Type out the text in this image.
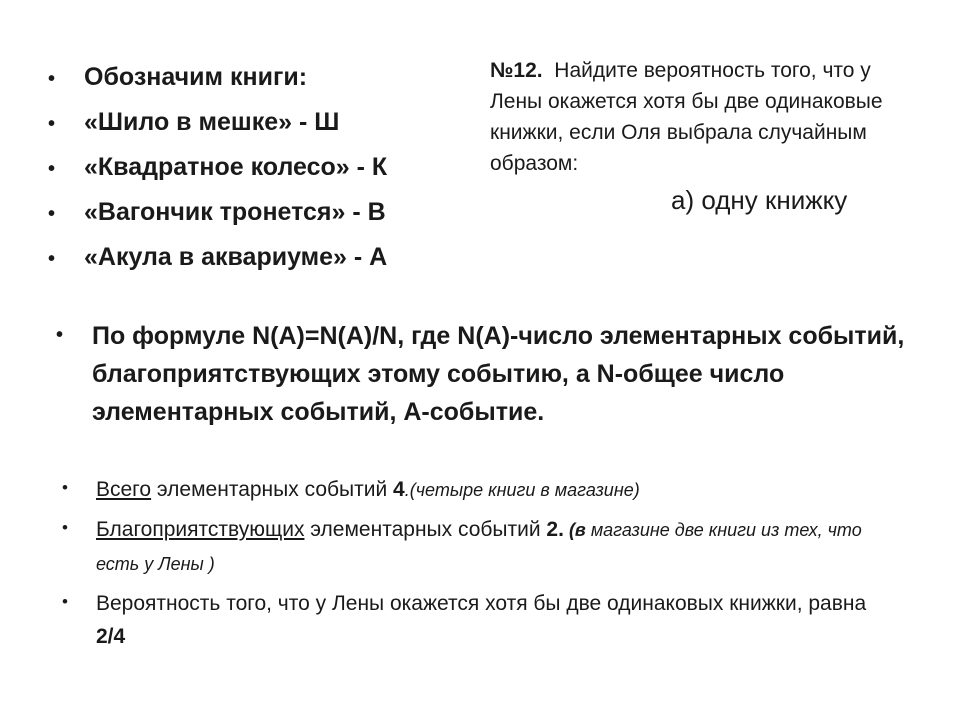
• Обозначим книги:
• «Шило в мешке» - Ш
• «Квадратное колесо» - К
• «Вагончик тронется» - В
• «Акула в аквариуме» - А
№12. Найдите вероятность того, что у
Лены окажется хотя бы две одинаковые
книжки, если Оля выбрала случайным
образом:
а) одну книжку
• По формуле N(A)=N(A)/N, где N(A)-число элементарных событий, благоприятствующих этому событию, а N-общее число элементарных событий, А-событие.
• Всего элементарных событий 4.(четыре книги в магазине)
• Благоприятствующих элементарных событий 2. (в магазине две книги из тех, что есть у Лены )
• Вероятность того, что у Лены окажется хотя бы две одинаковых книжки, равна 2/4
